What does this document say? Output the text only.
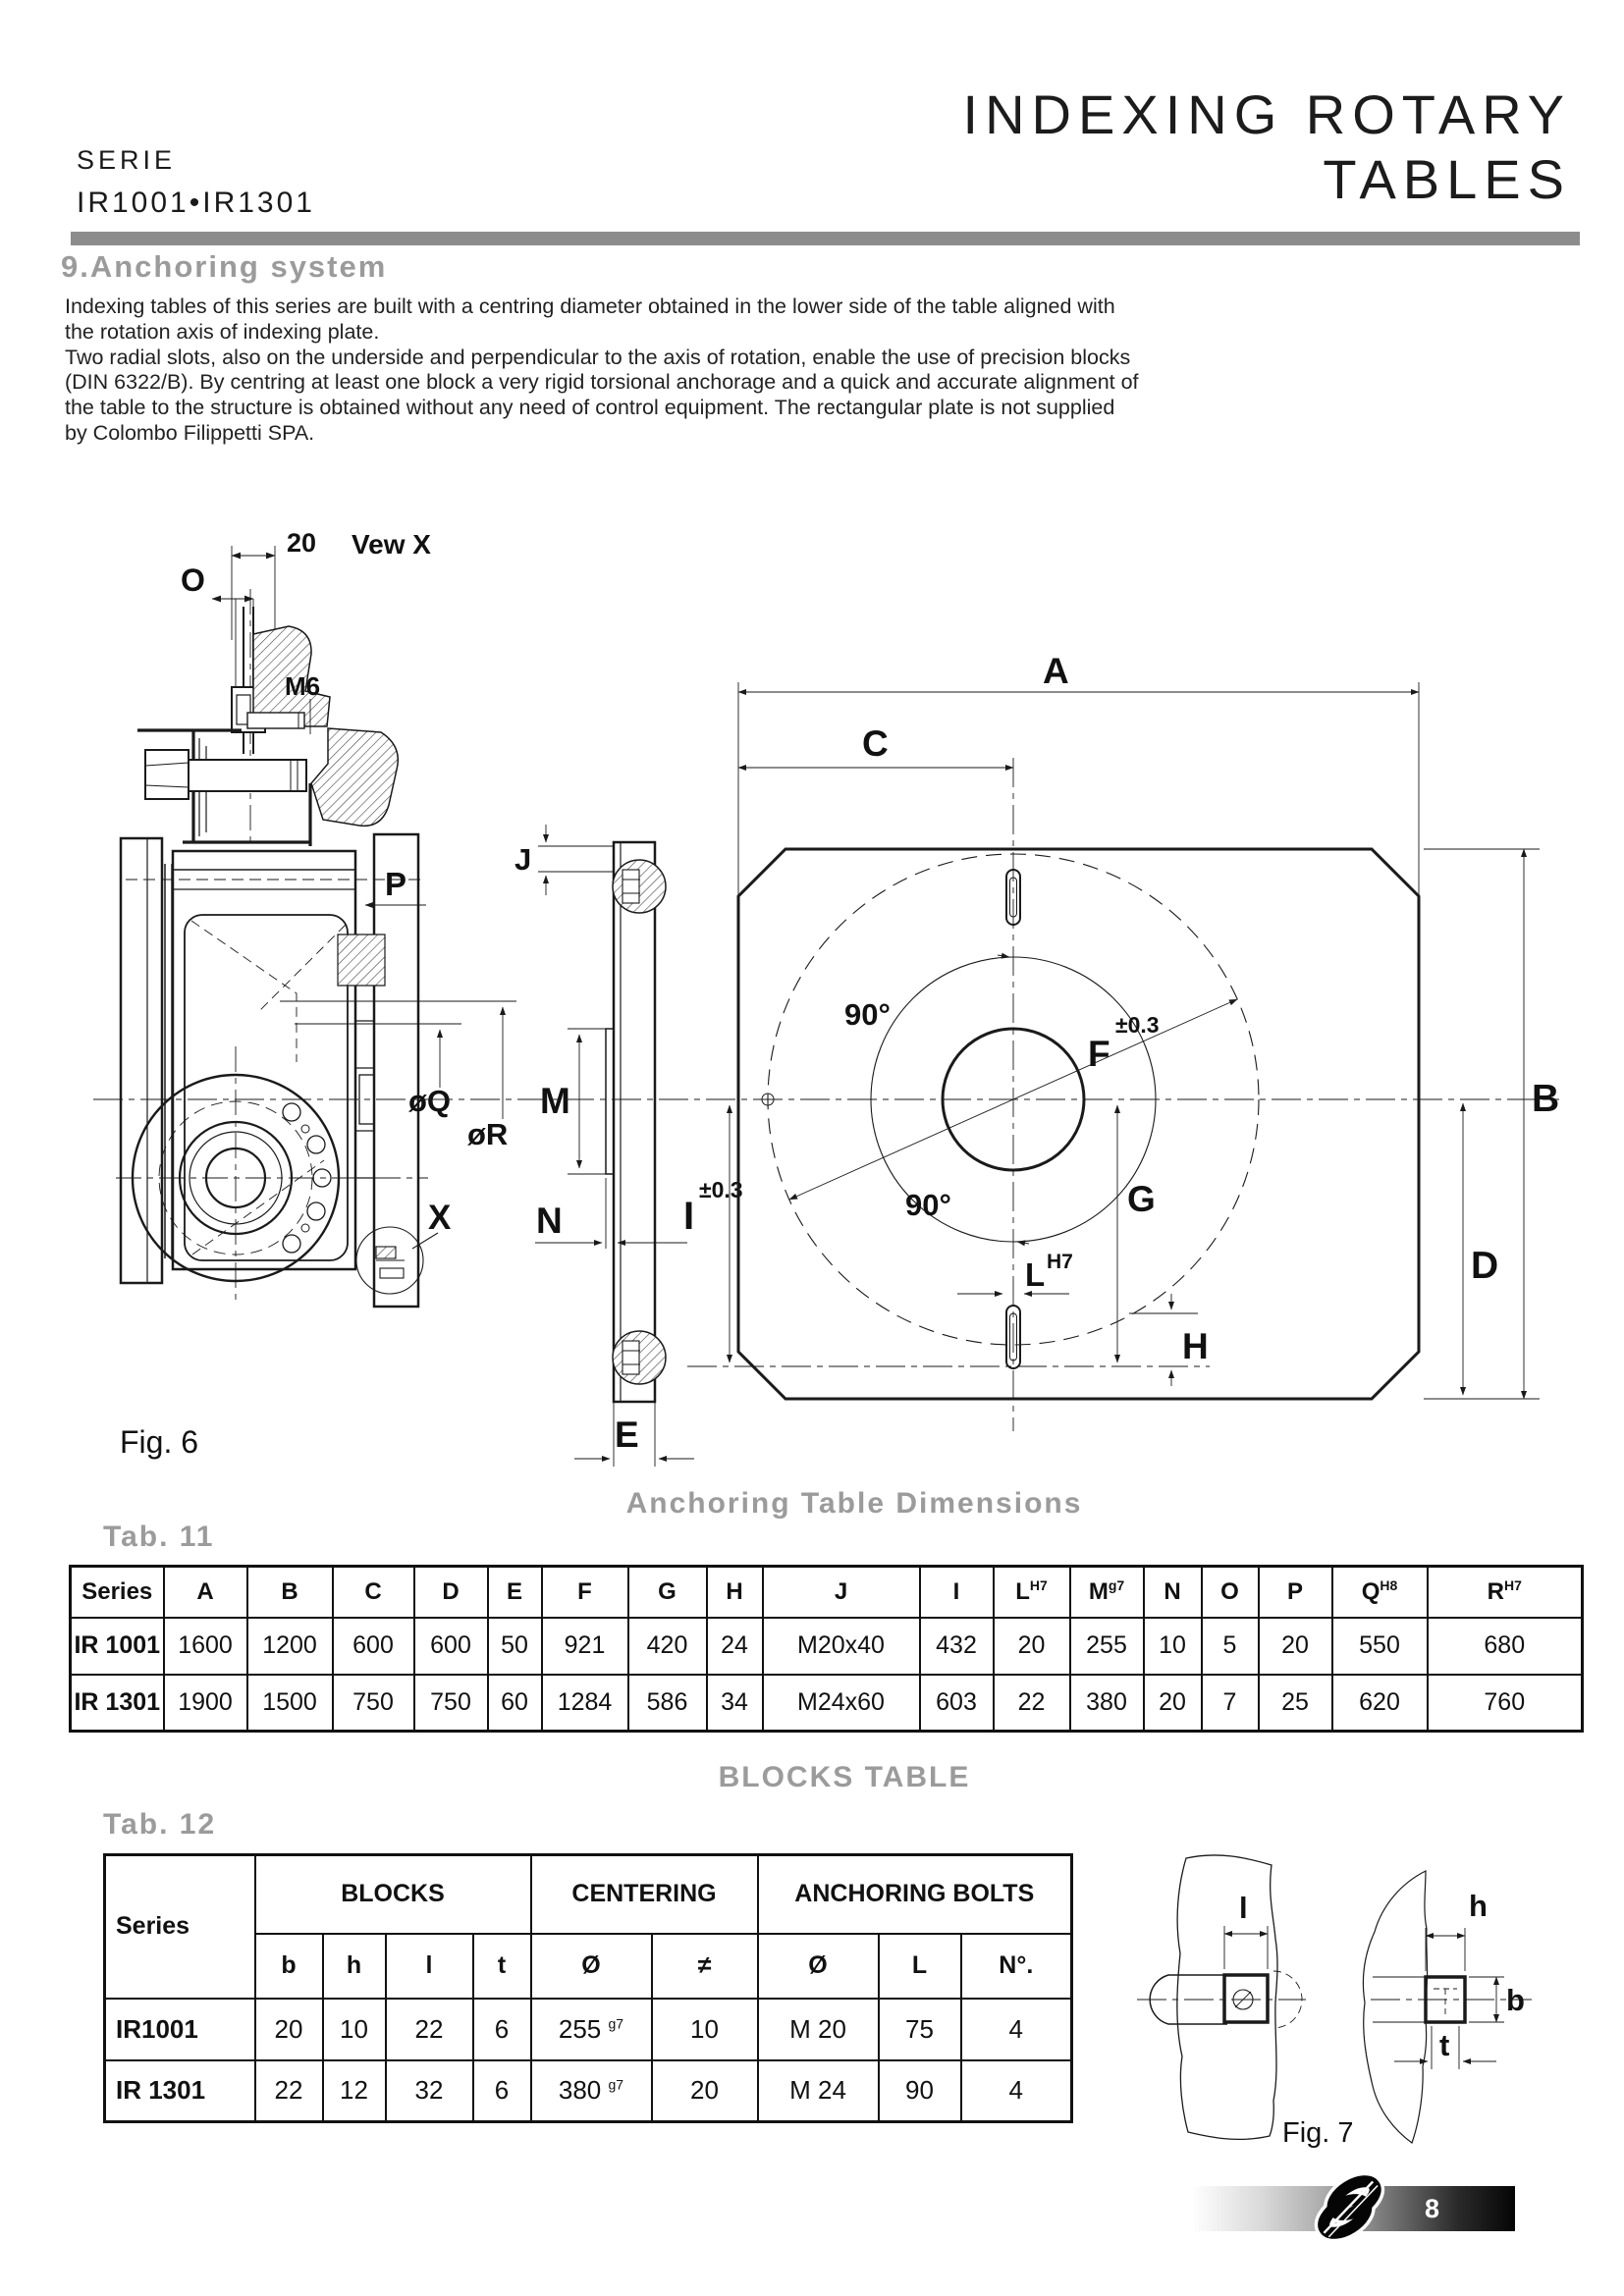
SERIE
IR1001•IR1301
INDEXING ROTARY
TABLES
9.Anchoring system
Indexing tables of this series are built with a centring diameter obtained in the lower side of the table aligned with
the rotation axis of indexing plate.
Two radial slots, also on the underside and perpendicular to the axis of rotation, enable the use of precision blocks
(DIN 6322/B). By centring at least one block a very rigid torsional anchorage and a quick and accurate alignment of
the table to the structure is obtained without any need of control equipment. The rectangular plate is not supplied
by Colombo Filippetti SPA.
20 Vew X
O
M6
P
øQ
øR
X
Fig. 6
J
M
N
E
I
±0.3
A
C
B
D
F
±0.3
90°
90°	G
H
L H7
l	h
b
t
Fig. 7
Anchoring Table Dimensions
Tab. 11
Series	A	B	C	D	E	F	G	H	J	I	$L^{H7}$	$M^{g7}$	N	O	P	$Q^{H8}$	$R^{H7}$
IR 1001	1600	1200	600	600	50	921	420	24	M20x40	432	20	255	10	5	20	550	680
IR 1301	1900	1500	750	750	60	1284	586	34	M24x60	603	22	380	20	7	25	620	760
BLOCKS TABLE
Tab. 12
Series	BLOCKS				CENTERING		ANCHORING BOLTS		
	b	h	l	t	Ø	≠	Ø	L	N°.
IR1001	20	10	22	6	255 $^{g7}$	10	M 20	75	4
IR 1301	22	12	32	6	380 $^{g7}$	20	M 24	90	4
8
